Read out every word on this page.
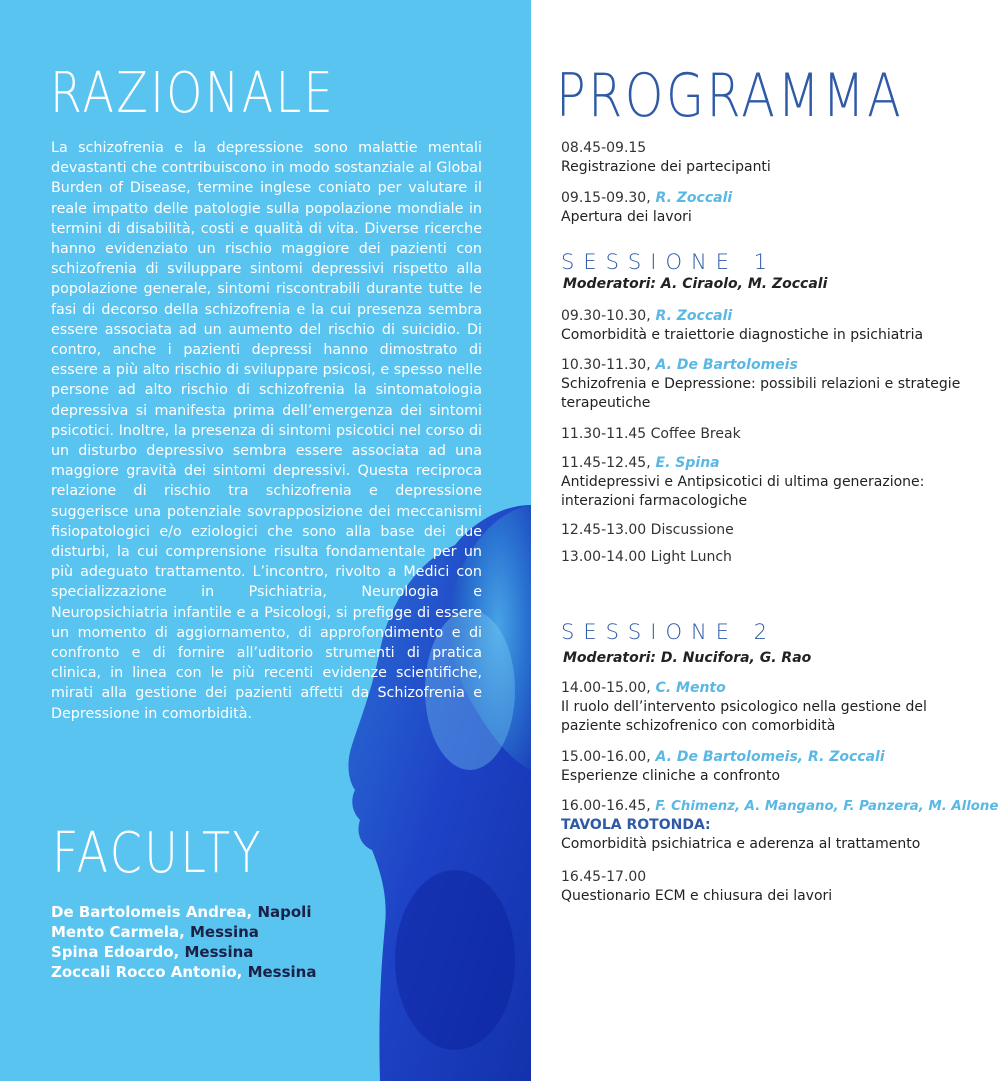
RAZIONALE

La schizofrenia e la depressione sono malattie mentali devastanti che contribuiscono in modo sostanziale al Global Burden of Disease, termine inglese coniato per valutare il reale impatto delle patologie sulla popolazione mondiale in termini di disabilità, costi e qualità di vita. Diverse ricerche hanno evidenziato un rischio maggiore dei pazienti con schizofrenia di sviluppare sintomi depressivi rispetto alla popolazione generale, sintomi riscontrabili durante tutte le fasi di decorso della schizofrenia e la cui presenza sembra essere associata ad un aumento del rischio di suicidio. Di contro, anche i pazienti depressi hanno dimostrato di essere a più alto rischio di sviluppare psicosi, e spesso nelle persone ad alto rischio di schizofrenia la sintomatologia depressiva si manifesta prima dell’emergenza dei sintomi psicotici. Inoltre, la presenza di sintomi psicotici nel corso di un disturbo depressivo sembra essere associata ad una maggiore gravità dei sintomi depressivi. Questa reciproca relazione di rischio tra schizofrenia e depressione suggerisce una potenziale sovrapposizione dei meccanismi fisiopatologici e/o eziologici che sono alla base dei due disturbi, la cui comprensione risulta fondamentale per un più adeguato trattamento. L’incontro, rivolto a Medici con specializzazione in Psichiatria, Neurologia e Neuropsichiatria infantile e a Psicologi, si prefigge di essere un momento di aggiornamento, di approfondimento e di confronto e di fornire all’uditorio strumenti di pratica clinica, in linea con le più recenti evidenze scientifiche, mirati alla gestione dei pazienti affetti da Schizofrenia e Depressione in comorbidità.

FACULTY
De Bartolomeis Andrea, Napoli
Mento Carmela, Messina
Spina Edoardo, Messina
Zoccali Rocco Antonio, Messina
PROGRAMMA
08.45-09.15
Registrazione dei partecipanti
09.15-09.30, R. Zoccali
Apertura dei lavori
SESSIONE 1
Moderatori: A. Ciraolo, M. Zoccali
09.30-10.30, R. Zoccali
Comorbidità e traiettorie diagnostiche in psichiatria
10.30-11.30, A. De Bartolomeis
Schizofrenia e Depressione: possibili relazioni e strategie terapeutiche
11.30-11.45 Coffee Break
11.45-12.45, E. Spina
Antidepressivi e Antipsicotici di ultima generazione: interazioni farmacologiche
12.45-13.00 Discussione
13.00-14.00 Light Lunch
SESSIONE 2
Moderatori: D. Nucifora, G. Rao
14.00-15.00, C. Mento
Il ruolo dell’intervento psicologico nella gestione del paziente schizofrenico con comorbidità
15.00-16.00, A. De Bartolomeis, R. Zoccali
Esperienze cliniche a confronto
16.00-16.45, F. Chimenz, A. Mangano, F. Panzera, M. Allone
TAVOLA ROTONDA:
Comorbidità psichiatrica e aderenza al trattamento
16.45-17.00
Questionario ECM e chiusura dei lavori
